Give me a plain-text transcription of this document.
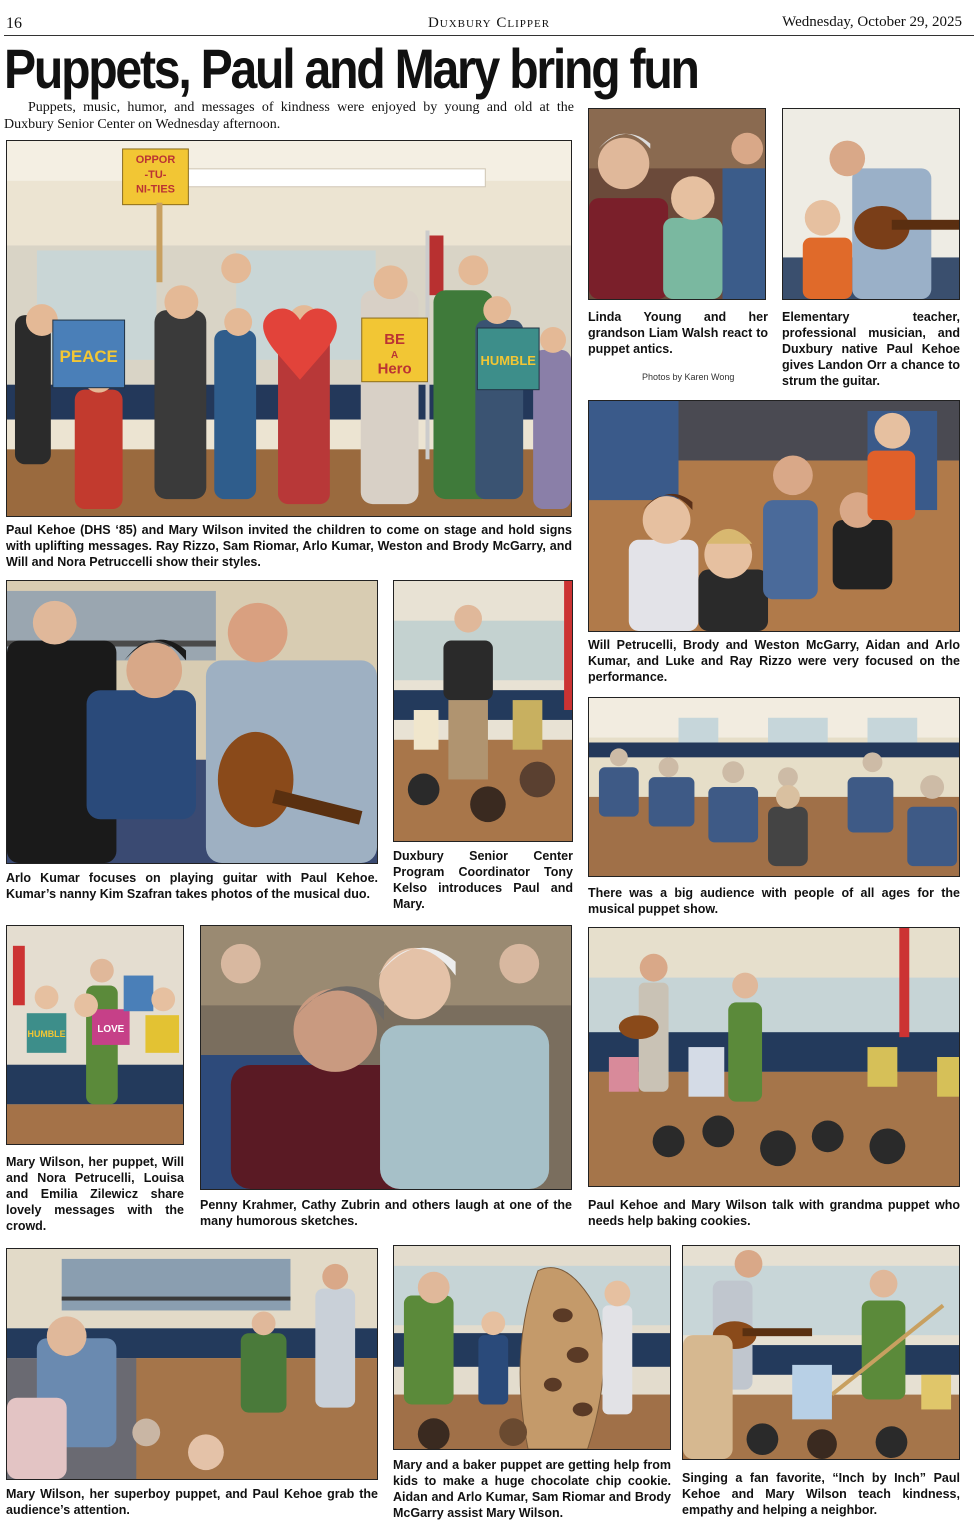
16	Duxbury Clipper	Wednesday, October 29, 2025
Puppets, Paul and Mary bring fun

Puppets, music, humor, and messages of kindness were enjoyed by young and old at the Duxbury Senior Center on Wednesday afternoon.

OPPOR
-TU-
NI-TIES
PEACE
BE
A
Hero
HUMBLE

Paul Kehoe (DHS ‘85) and Mary Wilson invited the children to come on stage and hold signs with uplifting messages. Ray Rizzo, Sam Riomar, Arlo Kumar, Weston and Brody McGarry, and Will and Nora Petruccelli show their styles.

Linda Young and her grandson Liam Walsh react to puppet antics.

Photos by Karen Wong

Elementary teacher, professional musician, and Duxbury native Paul Kehoe gives Landon Orr a chance to strum the guitar.

Will Petrucelli, Brody and Weston McGarry, Aidan and Arlo Kumar, and Luke and Ray Rizzo were very focused on the performance.

Arlo Kumar focuses on playing guitar with Paul Kehoe. Kumar’s nanny Kim Szafran takes photos of the musical duo.

Duxbury Senior Center Program Coordinator Tony Kelso introduces Paul and Mary.

There was a big audience with people of all ages for the musical puppet show.

HUMBLE	LOVE

Mary Wilson, her puppet, Will and Nora Petrucelli, Louisa and Emilia Zilewicz share lovely messages with the crowd.

Penny Krahmer, Cathy Zubrin and others laugh at one of the many humorous sketches.

Paul Kehoe and Mary Wilson talk with grandma puppet who needs help baking cookies.

Mary Wilson, her superboy puppet, and Paul Kehoe grab the audience’s attention.

Mary and a baker puppet are getting help from kids to make a huge chocolate chip cookie. Aidan and Arlo Kumar, Sam Riomar and Brody McGarry assist Mary Wilson.

Singing a fan favorite, “Inch by Inch” Paul Kehoe and Mary Wilson teach kindness, empathy and helping a neighbor.
